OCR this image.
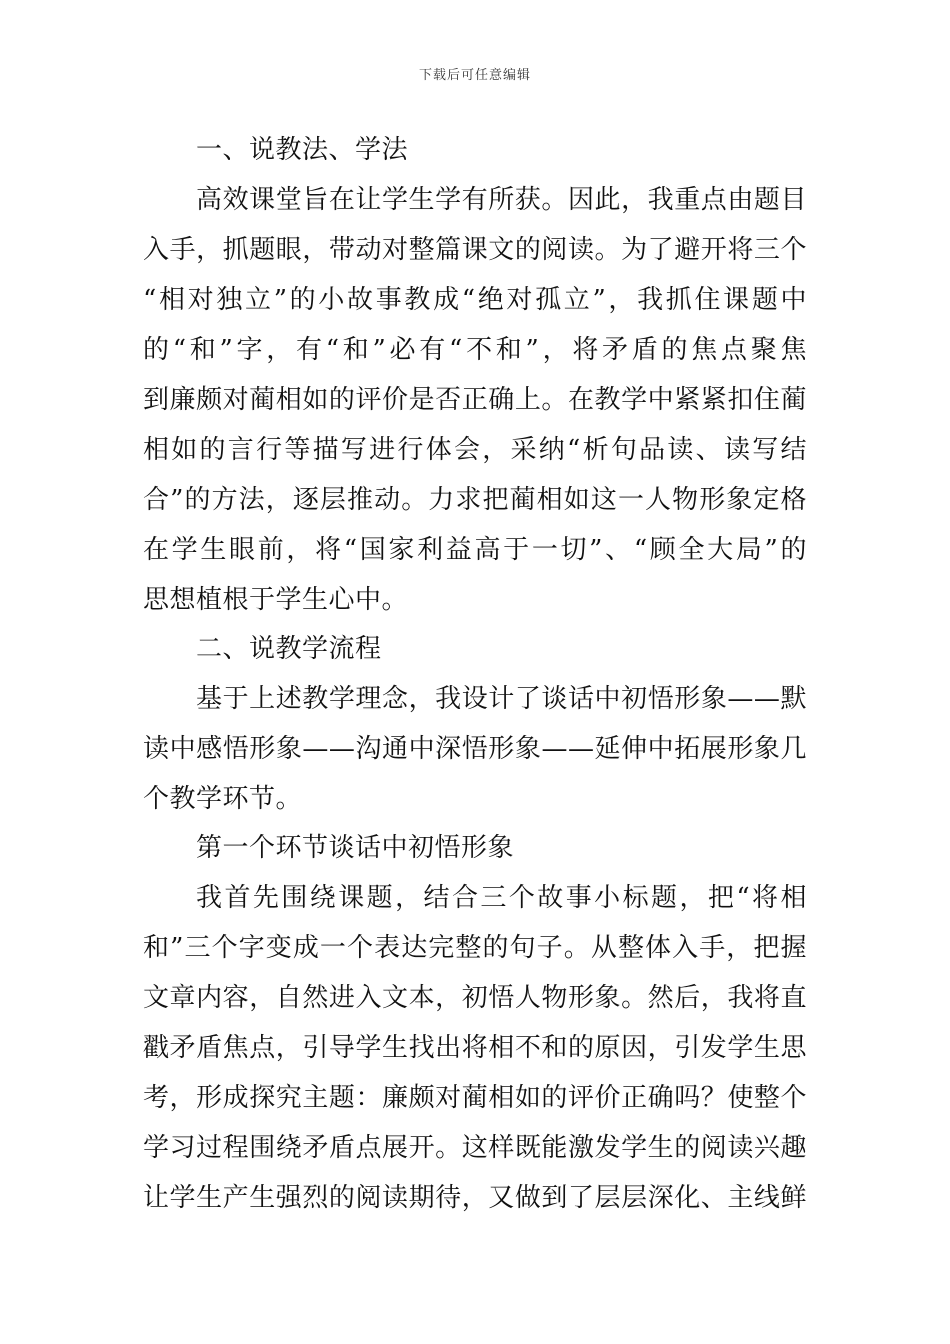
下载后可任意编辑
一、说教法、学法
高效课堂旨在让学生学有所获。因此，我重点由题目
入手，抓题眼，带动对整篇课文的阅读。为了避开将三个
“相对独立”的小故事教成“绝对孤立”，我抓住课题中
的“和”字，有“和”必有“不和”，将矛盾的焦点聚焦
到廉颇对蔺相如的评价是否正确上。在教学中紧紧扣住蔺
相如的言行等描写进行体会，采纳“析句品读、读写结
合”的方法，逐层推动。力求把蔺相如这一人物形象定格
在学生眼前，将“国家利益高于一切”、“顾全大局”的
思想植根于学生心中。
二、说教学流程
基于上述教学理念，我设计了谈话中初悟形象——默
读中感悟形象——沟通中深悟形象——延伸中拓展形象几
个教学环节。
第一个环节谈话中初悟形象
我首先围绕课题，结合三个故事小标题，把“将相
和”三个字变成一个表达完整的句子。从整体入手，把握
文章内容，自然进入文本，初悟人物形象。然后，我将直
戳矛盾焦点，引导学生找出将相不和的原因，引发学生思
考，形成探究主题：廉颇对蔺相如的评价正确吗？使整个
学习过程围绕矛盾点展开。这样既能激发学生的阅读兴趣
让学生产生强烈的阅读期待，又做到了层层深化、主线鲜
